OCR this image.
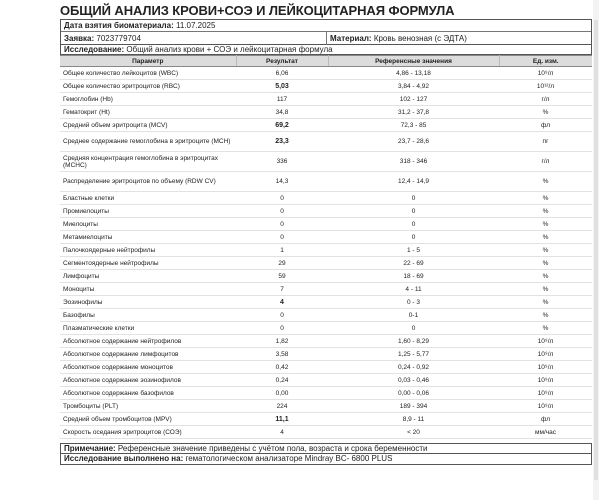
ОБЩИЙ АНАЛИЗ КРОВИ+СОЭ И ЛЕЙКОЦИТАРНАЯ ФОРМУЛА
Дата взятия биоматериала: 11.07.2025
Заявка: 7023779704	Материал: Кровь венозная (с ЭДТА)
Исследование: Общий анализ крови + СОЭ и лейкоцитарная формула
Параметр	Результат	Референсные значения	Ед. изм.
Общее количество лейкоцитов (WBC)	6,06	4,86 - 13,18	10⁹/л
Общее количество эритроцитов (RBC)	5,03	3,84 - 4,92	10¹²/л
Гемоглобин (Hb)	117	102 - 127	г/л
Гематокрит (Ht)	34,8	31,2 - 37,8	%
Средний объем эритроцита (MCV)	69,2	72,3 - 85	фл
Среднее содержание гемоглобина в эритроците (MCH)	23,3	23,7 - 28,6	пг
Средняя концентрация гемоглобина в эритроцитах (MCHC)	336	318 - 346	г/л
Распределение эритроцитов по объему (RDW CV)	14,3	12,4 - 14,9	%
Бластные клетки	0	0	%
Промиелоциты	0	0	%
Миелоциты	0	0	%
Метамиелоциты	0	0	%
Палочкоядерные нейтрофилы	1	1 - 5	%
Сегментоядерные нейтрофилы	29	22 - 69	%
Лимфоциты	59	18 - 69	%
Моноциты	7	4 - 11	%
Эозинофилы	4	0 - 3	%
Базофилы	0	0-1	%
Плазматические клетки	0	0	%
Абсолютное содержание нейтрофилов	1,82	1,60 - 8,29	10⁹/л
Абсолютное содержание лимфоцитов	3,58	1,25 - 5,77	10⁹/л
Абсолютное содержание моноцитов	0,42	0,24 - 0,92	10⁹/л
Абсолютное содержание эозинофилов	0,24	0,03 - 0,46	10⁹/л
Абсолютное содержание базофилов	0,00	0,00 - 0,06	10⁹/л
Тромбоциты (PLT)	224	189 - 394	10⁹/л
Средний объем тромбоцитов (MPV)	11,1	8,9 - 11	фл
Скорость оседания эритроцитов (СОЭ)	4	< 20	мм/час
Примечание: Референсные значение приведены с учётом пола, возраста и срока беременности
Исследование выполнено на: гематологическом анализаторе Mindray BC- 6800 PLUS
